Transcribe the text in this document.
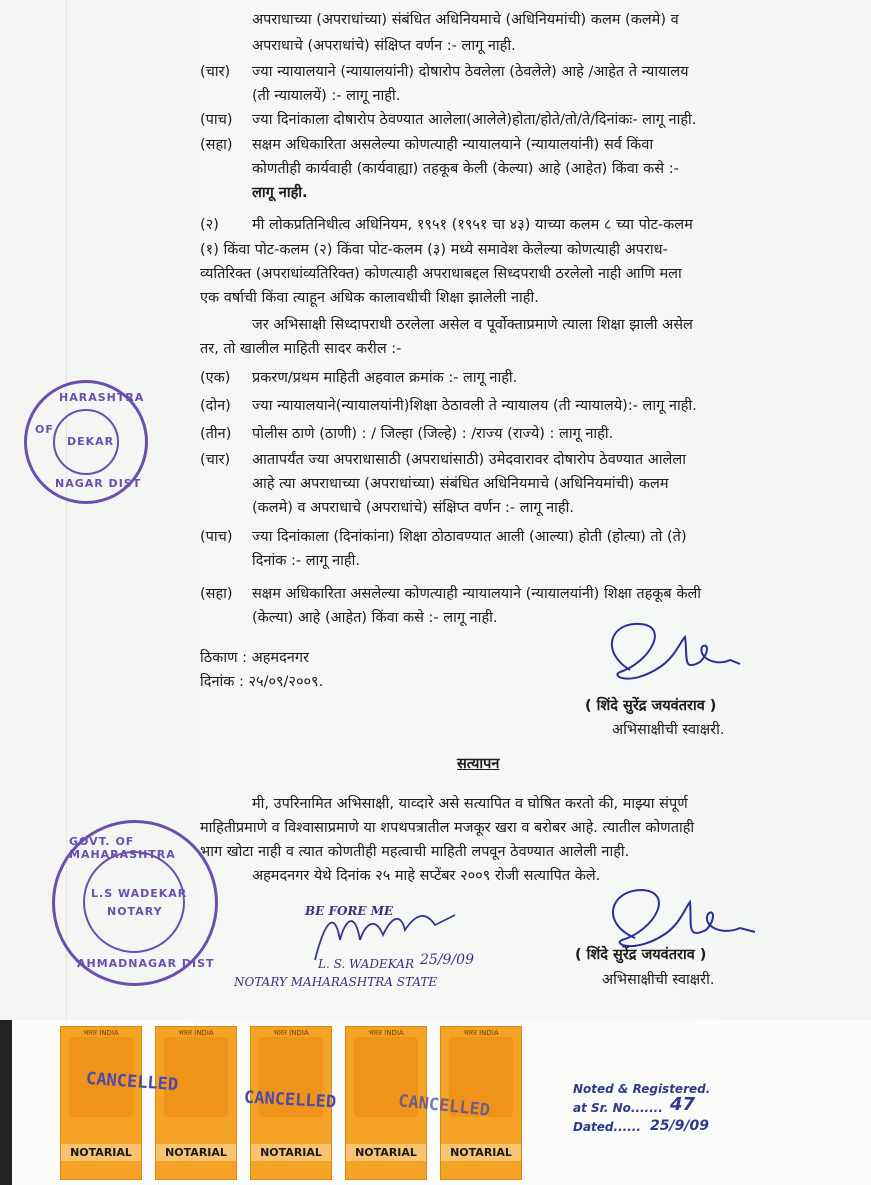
अपराधाच्या (अपराधांच्या) संबंधित अधिनियमाचे (अधिनियमांची) कलम (कलमे) व
अपराधाचे (अपराधांचे) संक्षिप्त वर्णन :- लागू नाही.
(चार) ज्या न्यायालयाने (न्यायालयांनी) दोषारोप ठेवलेला (ठेवलेले) आहे /आहेत ते न्यायालय
(ती न्यायालयें) :- लागू नाही.
(पाच) ज्या दिनांकाला दोषारोप ठेवण्यात आलेला(आलेले)होता/होते/तो/ते/दिनांकः- लागू नाही.
(सहा) सक्षम अधिकारिता असलेल्या कोणत्याही न्यायालयाने (न्यायालयांनी) सर्व किंवा
कोणतीही कार्यवाही (कार्यवाह्या) तहकूब केली (केल्या) आहे (आहेत) किंवा कसे :-
लागू नाही.
(२) मी लोकप्रतिनिधीत्व अधिनियम, १९५१ (१९५१ चा ४३) याच्या कलम ८ च्या पोट-कलम
(१) किंवा पोट-कलम (२) किंवा पोट-कलम (३) मध्ये समावेश केलेल्या कोणत्याही अपराध-
व्यतिरिक्त (अपराधांव्यतिरिक्त) कोणत्याही अपराधाबद्दल सिध्दपराधी ठरलेलो नाही आणि मला
एक वर्षाची किंवा त्याहून अधिक कालावधीची शिक्षा झालेली नाही.
जर अभिसाक्षी सिध्दापराधी ठरलेला असेल व पूर्वोक्ताप्रमाणे त्याला शिक्षा झाली असेल
तर, तो खालील माहिती सादर करील :-
(एक) प्रकरण/प्रथम माहिती अहवाल क्रमांक :- लागू नाही.
(दोन) ज्या न्यायालयाने(न्यायालयांनी)शिक्षा ठेठावली ते न्यायालय (ती न्यायालये):- लागू नाही.
(तीन) पोलीस ठाणे (ठाणी) : / जिल्हा (जिल्हे) : /राज्य (राज्ये) : लागू नाही.
(चार) आतापर्यंत ज्या अपराधासाठी (अपराधांसाठी) उमेदवारावर दोषारोप ठेवण्यात आलेला
आहे त्या अपराधाच्या (अपराधांच्या) संबंधित अधिनियमाचे (अधिनियमांची) कलम
(कलमे) व अपराधाचे (अपराधांचे) संक्षिप्त वर्णन :- लागू नाही.
(पाच) ज्या दिनांकाला (दिनांकांना) शिक्षा ठोठावण्यात आली (आल्या) होती (होत्या) तो (ते)
दिनांक :- लागू नाही.
(सहा) सक्षम अधिकारिता असलेल्या कोणत्याही न्यायालयाने (न्यायालयांनी) शिक्षा तहकूब केली
(केल्या) आहे (आहेत) किंवा कसे :- लागू नाही.
ठिकाण : अहमदनगर
दिनांक : २५/०९/२००९.
( शिंदे सुरेंद्र जयवंतराव )
अभिसाक्षीची स्वाक्षरी.
सत्यापन
मी, उपरिनामित अभिसाक्षी, याव्दारे असे सत्यापित व घोषित करतो की, माझ्या संपूर्ण
माहितीप्रमाणे व विश्वासाप्रमाणे या शपथपत्रातील मजकूर खरा व बरोबर आहे. त्यातील कोणताही
भाग खोटा नाही व त्यात कोणतीही महत्वाची माहिती लपवून ठेवण्यात आलेली नाही.
अहमदनगर येथे दिनांक २५ माहे सप्टेंबर २००९ रोजी सत्यापित केले.
( शिंदे सुरेंद्र जयवंतराव )
अभिसाक्षीची स्वाक्षरी.
HARASHTRA
OF
DEKAR
NAGAR DIST
GOVT. OF MAHARASHTRA
L.S WADEKAR
NOTARY
AHMADNAGAR DIST
BE FORE ME
25/9/09
L. S. WADEKAR
NOTARY MAHARASHTRA STATE
भारत INDIA
NOTARIAL
भारत INDIA
NOTARIAL
भारत INDIA
NOTARIAL
भारत INDIA
NOTARIAL
भारत INDIA
NOTARIAL
CANCELLED
CANCELLED	CANCELLED
Noted & Registered.
at Sr. No....... 47
Dated...... 25/9/09
